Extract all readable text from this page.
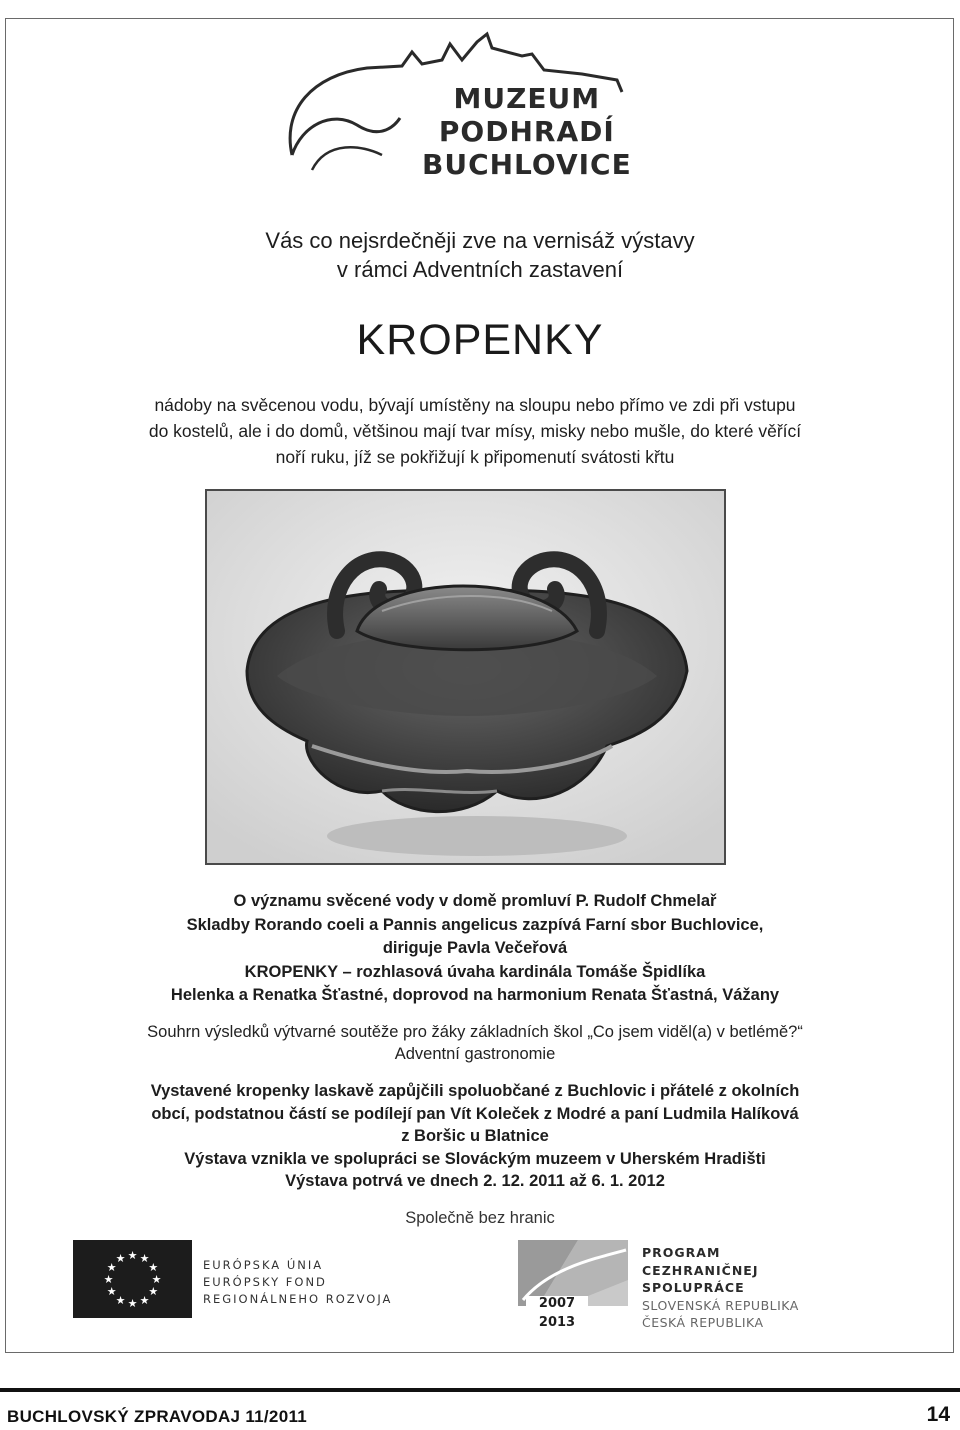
MUZEUM
PODHRADÍ
BUCHLOVICE
Vás co nejsrdečněji zve na vernisáž výstavy
v rámci Adventních zastavení
KROPENKY
nádoby na svěcenou vodu, bývají umístěny na sloupu nebo přímo ve zdi při vstupu
do kostelů, ale i do domů, většinou mají tvar mísy, misky nebo mušle, do které věřící
noří ruku, jíž se pokřižují k připomenutí svátosti křtu
O významu svěcené vody v domě promluví P. Rudolf Chmelař
Skladby Rorando coeli a Pannis angelicus zazpívá Farní sbor Buchlovice,
diriguje Pavla Večeřová
KROPENKY – rozhlasová úvaha kardinála Tomáše Špidlíka
Helenka a Renatka Šťastné, doprovod na harmonium Renata Šťastná, Vážany
Souhrn výsledků výtvarné soutěže pro žáky základních škol „Co jsem viděl(a) v betlémě?“
Adventní gastronomie
Vystavené kropenky laskavě zapůjčili spoluobčané z Buchlovic i přátelé z okolních
obcí, podstatnou částí se podílejí pan Vít Koleček z Modré a paní Ludmila Halíková
z Boršic u Blatnice
Výstava vznikla ve spolupráci se Slováckým muzeem v Uherském Hradišti
Výstava potrvá ve dnech 2. 12. 2011 až 6. 1. 2012
Společně bez hranic
★ ★
★
★
★
★
★
★
★
★
★
★	EURÓPSKA ÚNIA
EURÓPSKY FOND
REGIONÁLNEHO ROZVOJA	2007
2013
PROGRAM
CEZHRANIČNEJ
SPOLUPRÁCE
SLOVENSKÁ REPUBLIKA
ČESKÁ REPUBLIKA
BUCHLOVSKÝ ZPRAVODAJ 11/2011	14
